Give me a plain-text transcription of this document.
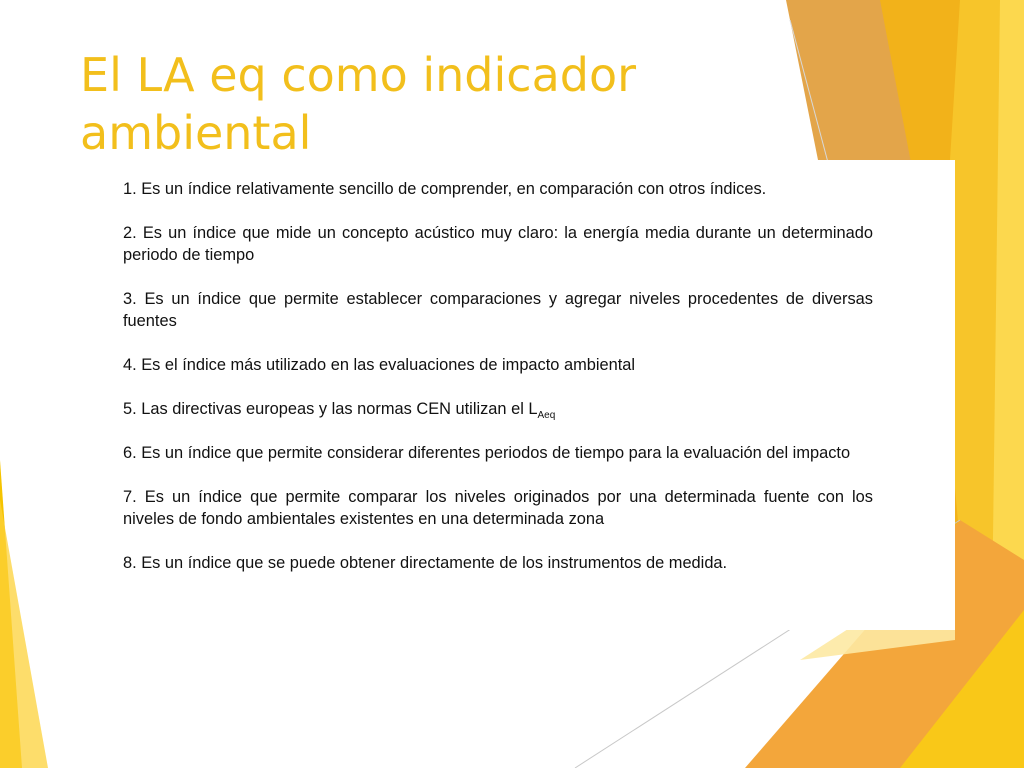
El LA eq como indicador ambiental
1. Es un índice relativamente sencillo de comprender, en comparación con otros índices.
2. Es un índice que mide un concepto acústico muy claro: la energía media durante un determinado periodo de tiempo
3. Es un índice que permite establecer comparaciones y agregar niveles procedentes de diversas fuentes
4. Es el índice más utilizado en las evaluaciones de impacto ambiental
5. Las directivas europeas y las normas CEN utilizan el $L_{Aeq}$
6. Es un índice que permite considerar diferentes periodos de tiempo para la evaluación del impacto
7. Es un índice que permite comparar los niveles originados por una determinada fuente con los niveles de fondo ambientales existentes en una determinada zona
8. Es un índice que se puede obtener directamente de los instrumentos de medida.
